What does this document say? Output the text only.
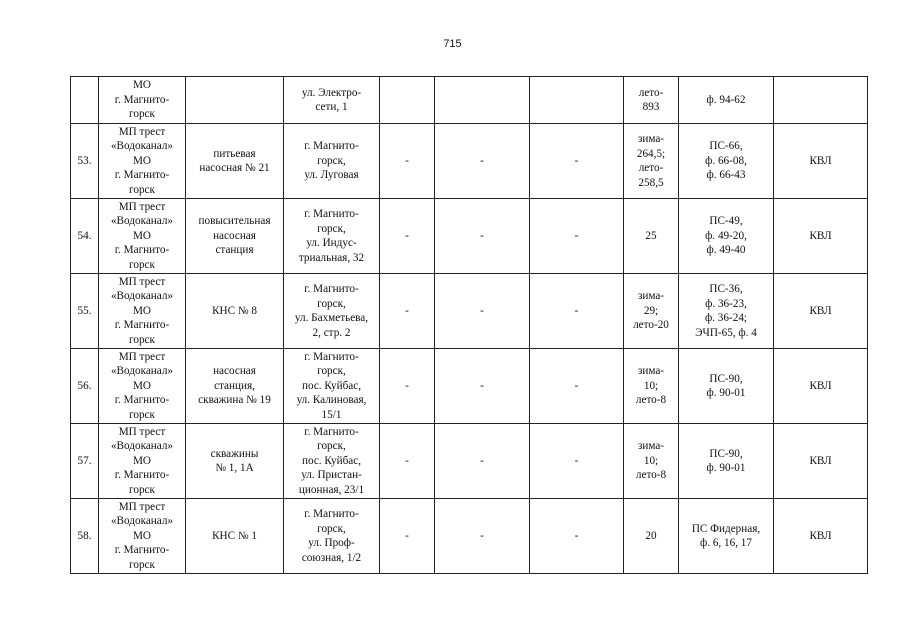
715
	МО
г. Магнито-
горск		ул. Электро-
сети, 1				лето-
893	ф. 94-62	
53.	МП трест
«Водоканал»
МО
г. Магнито-
горск	питьевая
насосная № 21	г. Магнито-
горск,
ул. Луговая	-	-	-	зима-
264,5;
лето-
258,5	ПС-66,
ф. 66-08,
ф. 66-43	КВЛ
54.	МП трест
«Водоканал»
МО
г. Магнито-
горск	повысительная
насосная
станция	г. Магнито-
горск,
ул. Индус-
триальная, 32	-	-	-	25	ПС-49,
ф. 49-20,
ф. 49-40	КВЛ
55.	МП трест
«Водоканал»
МО
г. Магнито-
горск	КНС № 8	г. Магнито-
горск,
ул. Бахметьева,
2, стр. 2	-	-	-	зима-
29;
лето-20	ПС-36,
ф. 36-23,
ф. 36-24;
ЭЧП-65, ф. 4	КВЛ
56.	МП трест
«Водоканал»
МО
г. Магнито-
горск	насосная
станция,
скважина № 19	г. Магнито-
горск,
пос. Куйбас,
ул. Калиновая,
15/1	-	-	-	зима-
10;
лето-8	ПС-90,
ф. 90-01	КВЛ
57.	МП трест
«Водоканал»
МО
г. Магнито-
горск	скважины
№ 1, 1А	г. Магнито-
горск,
пос. Куйбас,
ул. Пристан-
ционная, 23/1	-	-	-	зима-
10;
лето-8	ПС-90,
ф. 90-01	КВЛ
58.	МП трест
«Водоканал»
МО
г. Магнито-
горск	КНС № 1	г. Магнито-
горск,
ул. Проф-
союзная, 1/2	-	-	-	20	ПС Фидерная,
ф. 6, 16, 17	КВЛ
